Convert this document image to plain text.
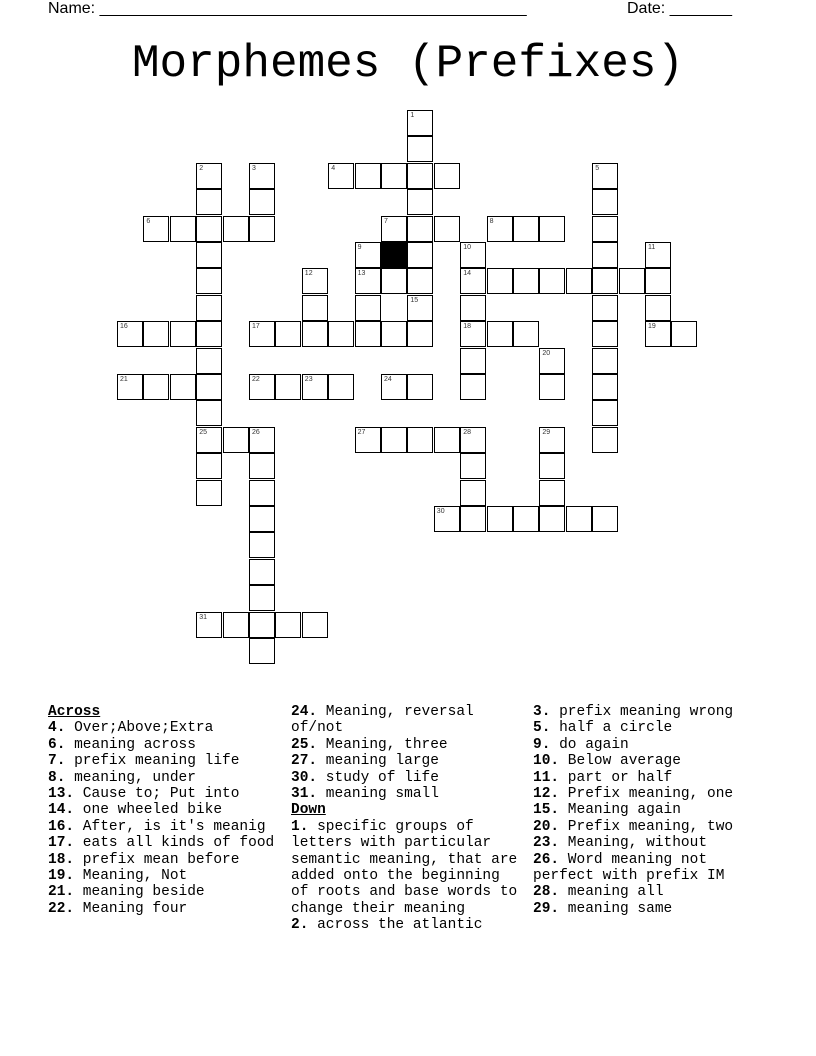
Name: ________________________________________________	Date: _______
Morphemes (Prefixes)
1
15
2
25
3	4	5
6	7	8
9
13
10
14
18
11
12
16	17	19
20
21	22	23	24
26	27	28	29
30
31
Across
4. Over;Above;Extra
6. meaning across
7. prefix meaning life
8. meaning, under
13. Cause to; Put into
14. one wheeled bike
16. After, is it's meanig
17. eats all kinds of food
18. prefix mean before
19. Meaning, Not
21. meaning beside
22. Meaning four
24. Meaning, reversal of/not
25. Meaning, three
27. meaning large
30. study of life
31. meaning small
Down
1. specific groups of letters with particular semantic meaning, that are added onto the beginning of roots and base words to change their meaning
2. across the atlantic
3. prefix meaning wrong
5. half a circle
9. do again
10. Below average
11. part or half
12. Prefix meaning, one
15. Meaning again
20. Prefix meaning, two
23. Meaning, without
26. Word meaning not perfect with prefix IM
28. meaning all
29. meaning same
